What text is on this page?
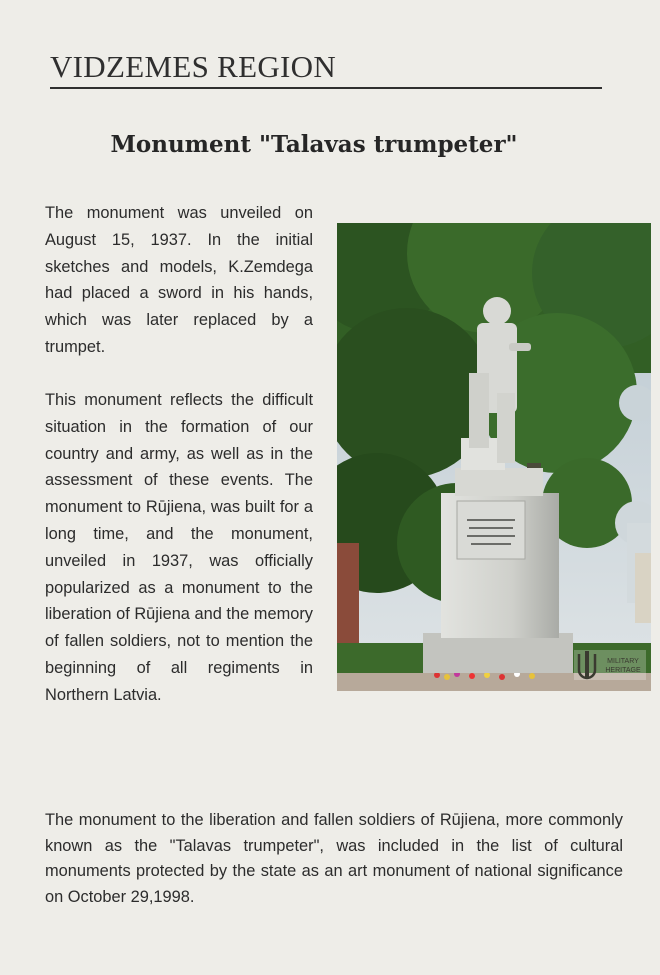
VIDZEMES REGION
Monument "Talavas trumpeter"

The monument was unveiled on August 15, 1937. In the initial sketches and models, K.Zemdega had placed a sword in his hands, which was later replaced by a trumpet.

This monument reflects the difficult situation in the formation of our country and army, as well as in the assessment of these events. The monument to Rūjiena, was built for a long time, and the monument, unveiled in 1937, was officially popularized as a monument to the liberation of Rūjiena and the memory of fallen soldiers, not to mention the beginning of all regiments in Northern Latvia.

MILITARY
HERITAGE

The monument to the liberation and fallen soldiers of Rūjiena, more commonly known as the "Talavas trumpeter", was included in the list of cultural monuments protected by the state as an art monument of national significance on October 29,1998.
